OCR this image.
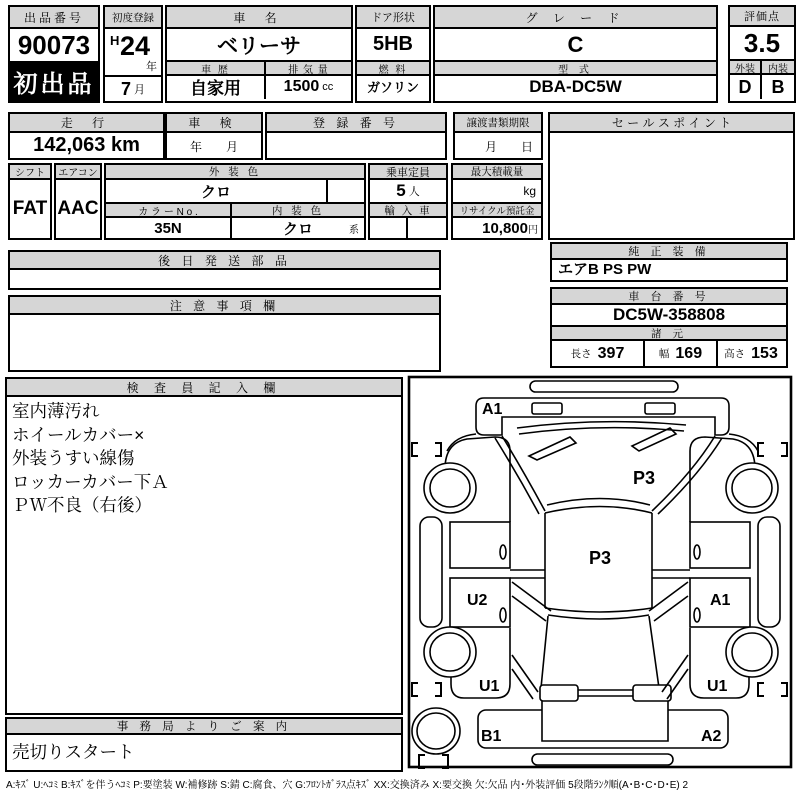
出品番号
90073
初出品
初度登録
H 24
年
7 月
車 名
ベリーサ
車 歴
自家用
排 気 量
1500 cc
ドア形状
5HB
燃 料
ガソリン
グ レ ー ド
C
型 式
DBA-DC5W
評価点
3.5
外装	内装
D	B
走 行
142,063 km
車 検
年　　月
登 録 番 号	譲渡書類期限
月　　日
セ ー ル ス ポ イ ン ト
シフト
FAT
エアコン
AAC
外 装 色
クロ
カ ラ ー N o .	内 装 色
35N	クロ	系
乗車定員
5 人
輸 入 車
最大積載量
kg
リサイクル預託金
10,800 円
後 日 発 送 部 品
純 正 装 備
エアB PS PW
注 意 事 項 欄
車 台 番 号
DC5W-358808
諸 元
長さ 397	幅 169 高さ 153
検 査 員 記 入 欄
室内薄汚れ
ホイールカバー×
外装うすい線傷
ロッカーカバー下Ａ
ＰＷ不良（右後）
事 務 局 よ り ご 案 内
売切りスタート
A1
P3
P3
U2	A1
U1	U1
B1	A2
A:ｷｽﾞ U:ﾍｺﾐ B:ｷｽﾞを伴うﾍｺﾐ P:要塗装 W:補修跡 S:錆 C:腐食、穴 G:ﾌﾛﾝﾄｶﾞﾗｽ点ｷｽﾞ XX:交換済み X:要交換 欠:欠品 内･外装評価 5段階ﾗﾝｸ順(A･B･C･D･E) 2
